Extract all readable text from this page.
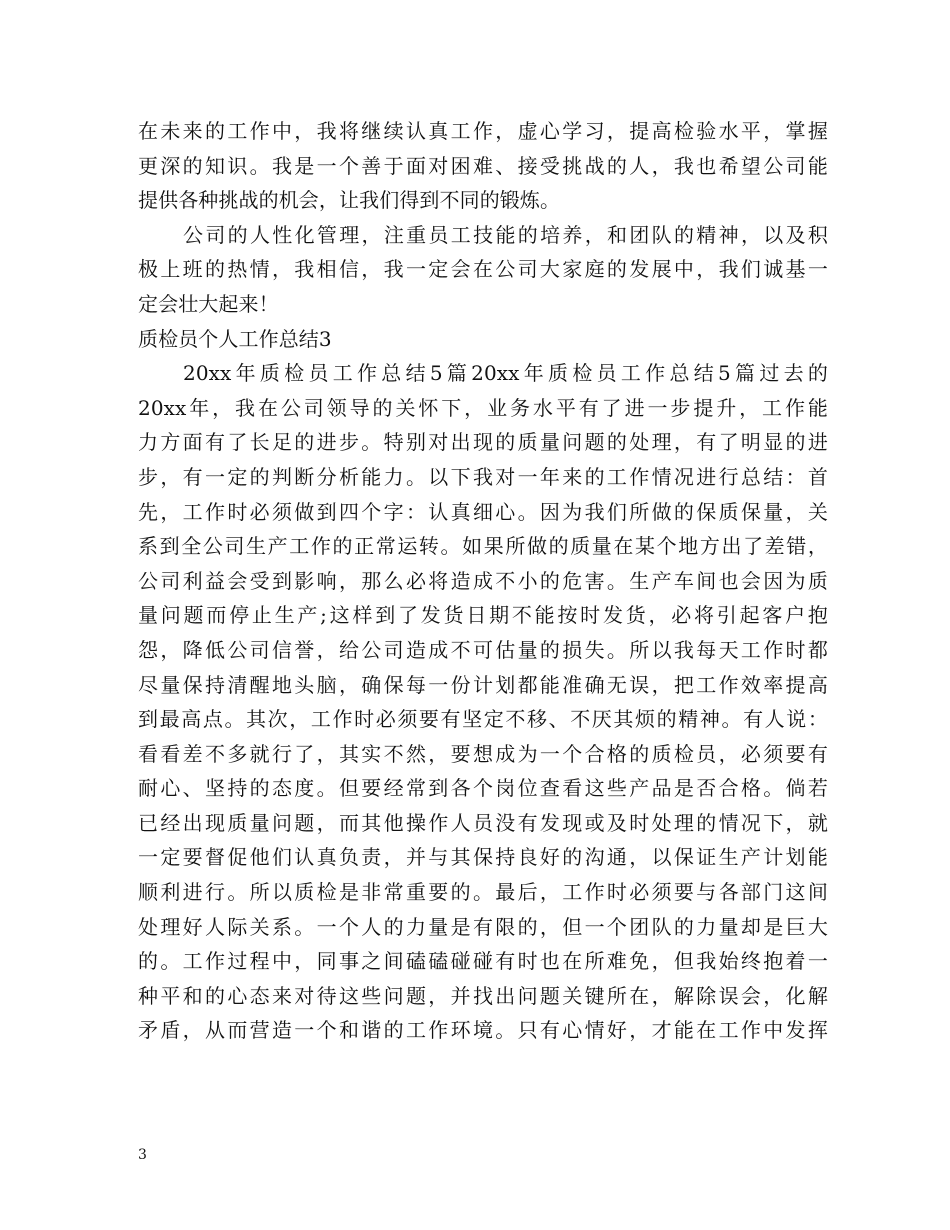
在未来的工作中，我将继续认真工作，虚心学习，提高检验水平，掌握
更深的知识。我是一个善于面对困难、接受挑战的人，我也希望公司能
提供各种挑战的机会，让我们得到不同的锻炼。
公司的人性化管理，注重员工技能的培养，和团队的精神，以及积
极上班的热情，我相信，我一定会在公司大家庭的发展中，我们诚基一
定会壮大起来！
质检员个人工作总结3
20xx年质检员工作总结5篇20xx年质检员工作总结5篇过去的
20xx年，我在公司领导的关怀下，业务水平有了进一步提升，工作能
力方面有了长足的进步。特别对出现的质量问题的处理，有了明显的进
步，有一定的判断分析能力。以下我对一年来的工作情况进行总结：首
先，工作时必须做到四个字：认真细心。因为我们所做的保质保量，关
系到全公司生产工作的正常运转。如果所做的质量在某个地方出了差错，
公司利益会受到影响，那么必将造成不小的危害。生产车间也会因为质
量问题而停止生产;这样到了发货日期不能按时发货，必将引起客户抱
怨，降低公司信誉，给公司造成不可估量的损失。所以我每天工作时都
尽量保持清醒地头脑，确保每一份计划都能准确无误，把工作效率提高
到最高点。其次，工作时必须要有坚定不移、不厌其烦的精神。有人说：
看看差不多就行了，其实不然，要想成为一个合格的质检员，必须要有
耐心、坚持的态度。但要经常到各个岗位查看这些产品是否合格。倘若
已经出现质量问题，而其他操作人员没有发现或及时处理的情况下，就
一定要督促他们认真负责，并与其保持良好的沟通，以保证生产计划能
顺利进行。所以质检是非常重要的。最后，工作时必须要与各部门这间
处理好人际关系。一个人的力量是有限的，但一个团队的力量却是巨大
的。工作过程中，同事之间磕磕碰碰有时也在所难免，但我始终抱着一
种平和的心态来对待这些问题，并找出问题关键所在，解除误会，化解
矛盾，从而营造一个和谐的工作环境。只有心情好，才能在工作中发挥
3
